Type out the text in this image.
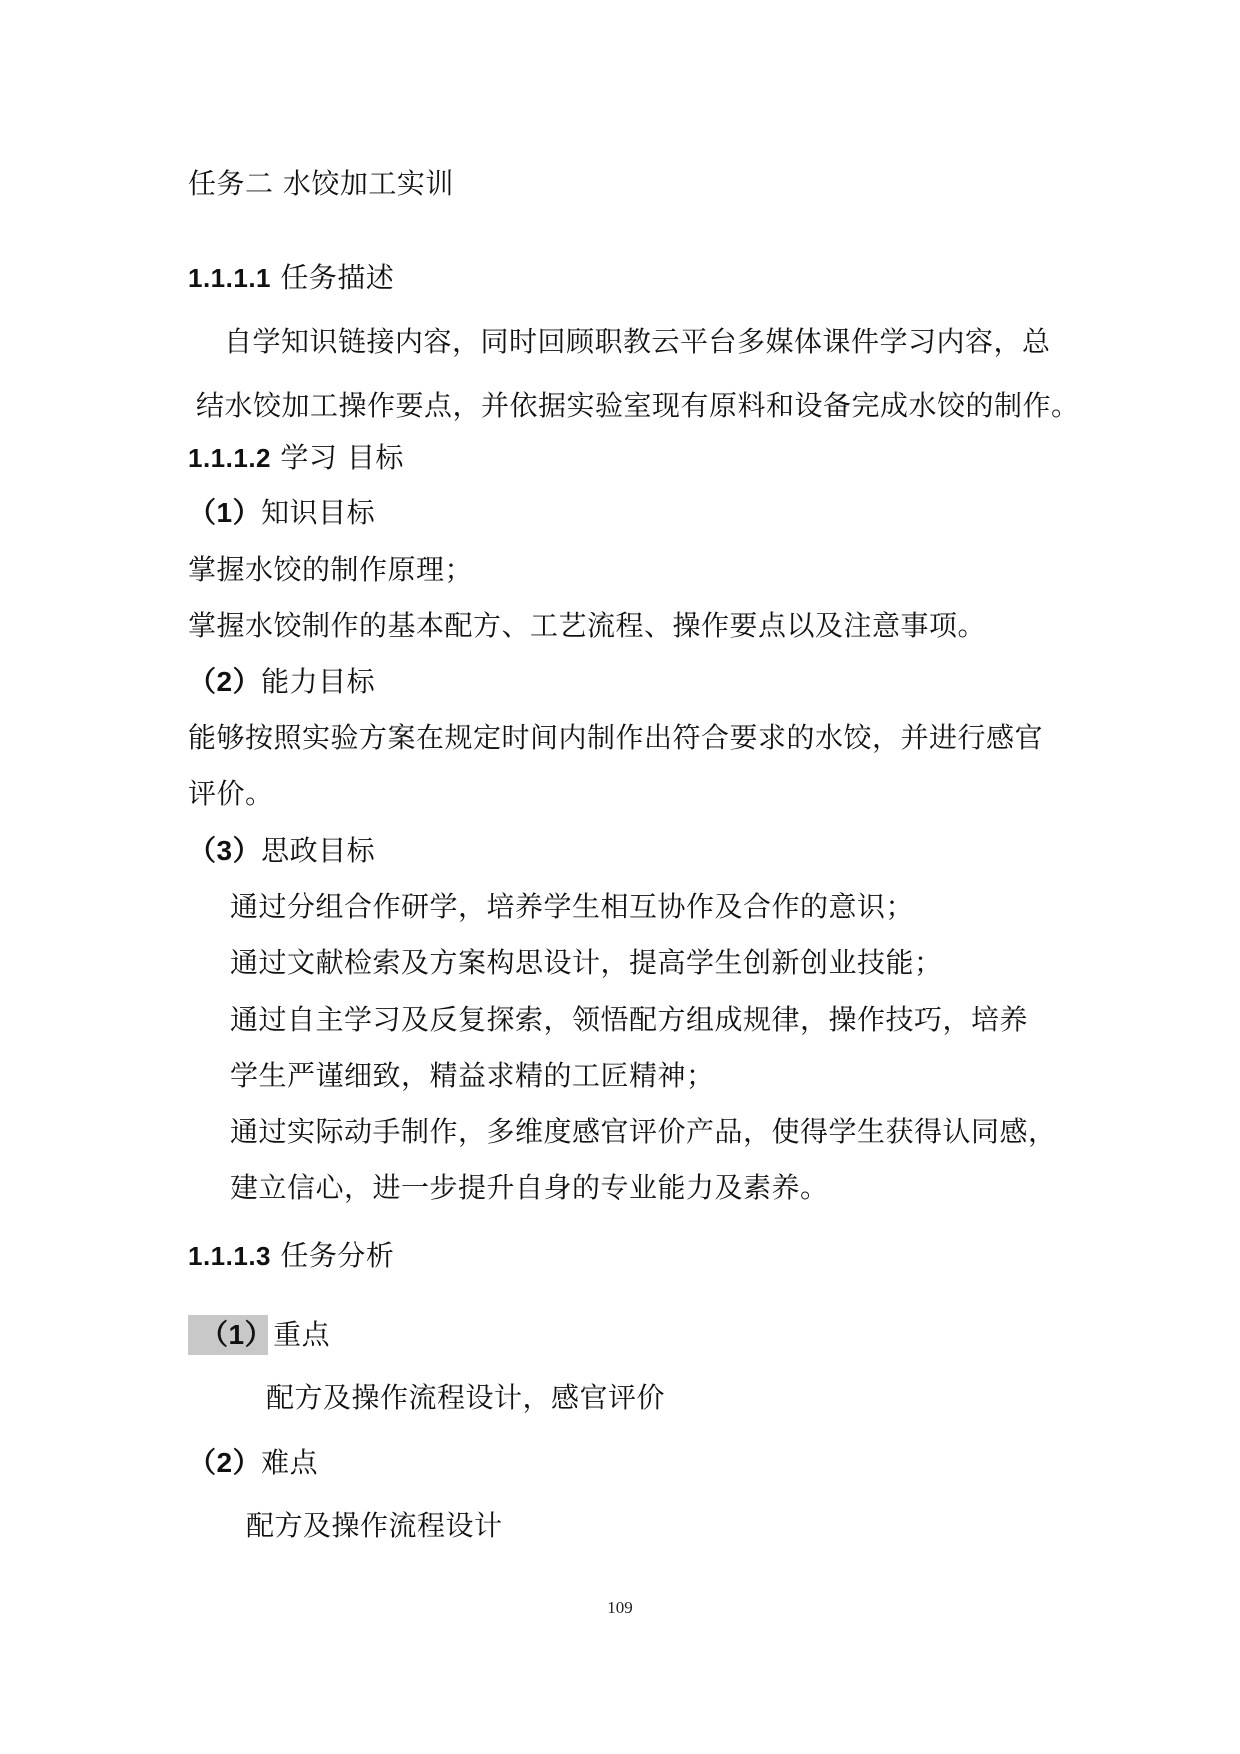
任务二 水饺加工实训
1.1.1.1 任务描述
自学知识链接内容，同时回顾职教云平台多媒体课件学习内容，总
结水饺加工操作要点，并依据实验室现有原料和设备完成水饺的制作。
1.1.1.2 学习 目标
（1）知识目标
掌握水饺的制作原理；
掌握水饺制作的基本配方、工艺流程、操作要点以及注意事项。
（2）能力目标
能够按照实验方案在规定时间内制作出符合要求的水饺，并进行感官
评价。
（3）思政目标
通过分组合作研学，培养学生相互协作及合作的意识；
通过文献检索及方案构思设计，提高学生创新创业技能；
通过自主学习及反复探索，领悟配方组成规律，操作技巧，培养
学生严谨细致，精益求精的工匠精神；
通过实际动手制作，多维度感官评价产品，使得学生获得认同感，
建立信心，进一步提升自身的专业能力及素养。
1.1.1.3 任务分析
（1）重点
配方及操作流程设计，感官评价
（2）难点
配方及操作流程设计
109
